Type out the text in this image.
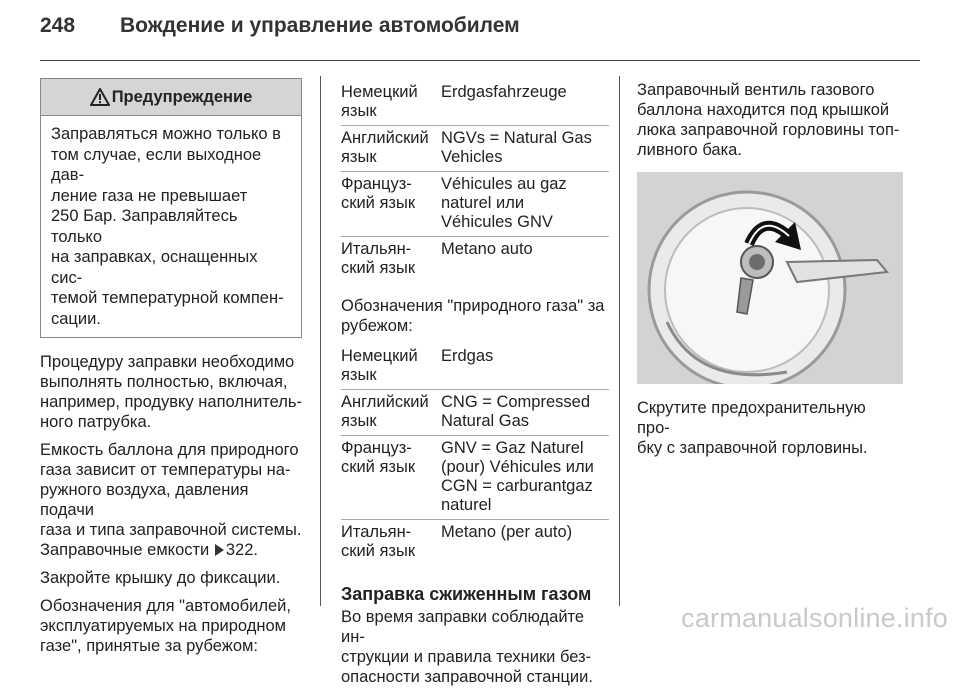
248	Вождение и управление автомобилем
Предупреждение
Заправляться можно только в
том случае, если выходное дав-
ление газа не превышает
250 Бар. Заправляйтесь только
на заправках, оснащенных сис-
темой температурной компен-
сации.

Процедуру заправки необходимо
выполнять полностью, включая,
например, продувку наполнитель-
ного патрубка.

Емкость баллона для природного
газа зависит от температуры на-
ружного воздуха, давления подачи
газа и типа заправочной системы.
Заправочные емкости 322.

Закройте крышку до фиксации.

Обозначения для "автомобилей,
эксплуатируемых на природном
газе", принятые за рубежом:

Немецкий
язык	Erdgasfahrzeuge
Английский
язык	NGVs = Natural Gas
Vehicles
Француз-
ский язык	Véhicules au gaz
naturel или
Véhicules GNV
Итальян-
ский язык	Metano auto

Обозначения "природного газа" за
рубежом:

Немецкий
язык	Erdgas
Английский
язык	CNG = Compressed
Natural Gas
Француз-
ский язык	GNV = Gaz Naturel
(pour) Véhicules или
CGN = carburantgaz
naturel
Итальян-
ский язык	Metano (per auto)
Заправка сжиженным газом

Во время заправки соблюдайте ин-
струкции и правила техники без-
опасности заправочной станции.

Заправочный вентиль газового
баллона находится под крышкой
люка заправочной горловины топ-
ливного бака.

Скрутите предохранительную про-
бку с заправочной горловины.

carmanualsonline.info
